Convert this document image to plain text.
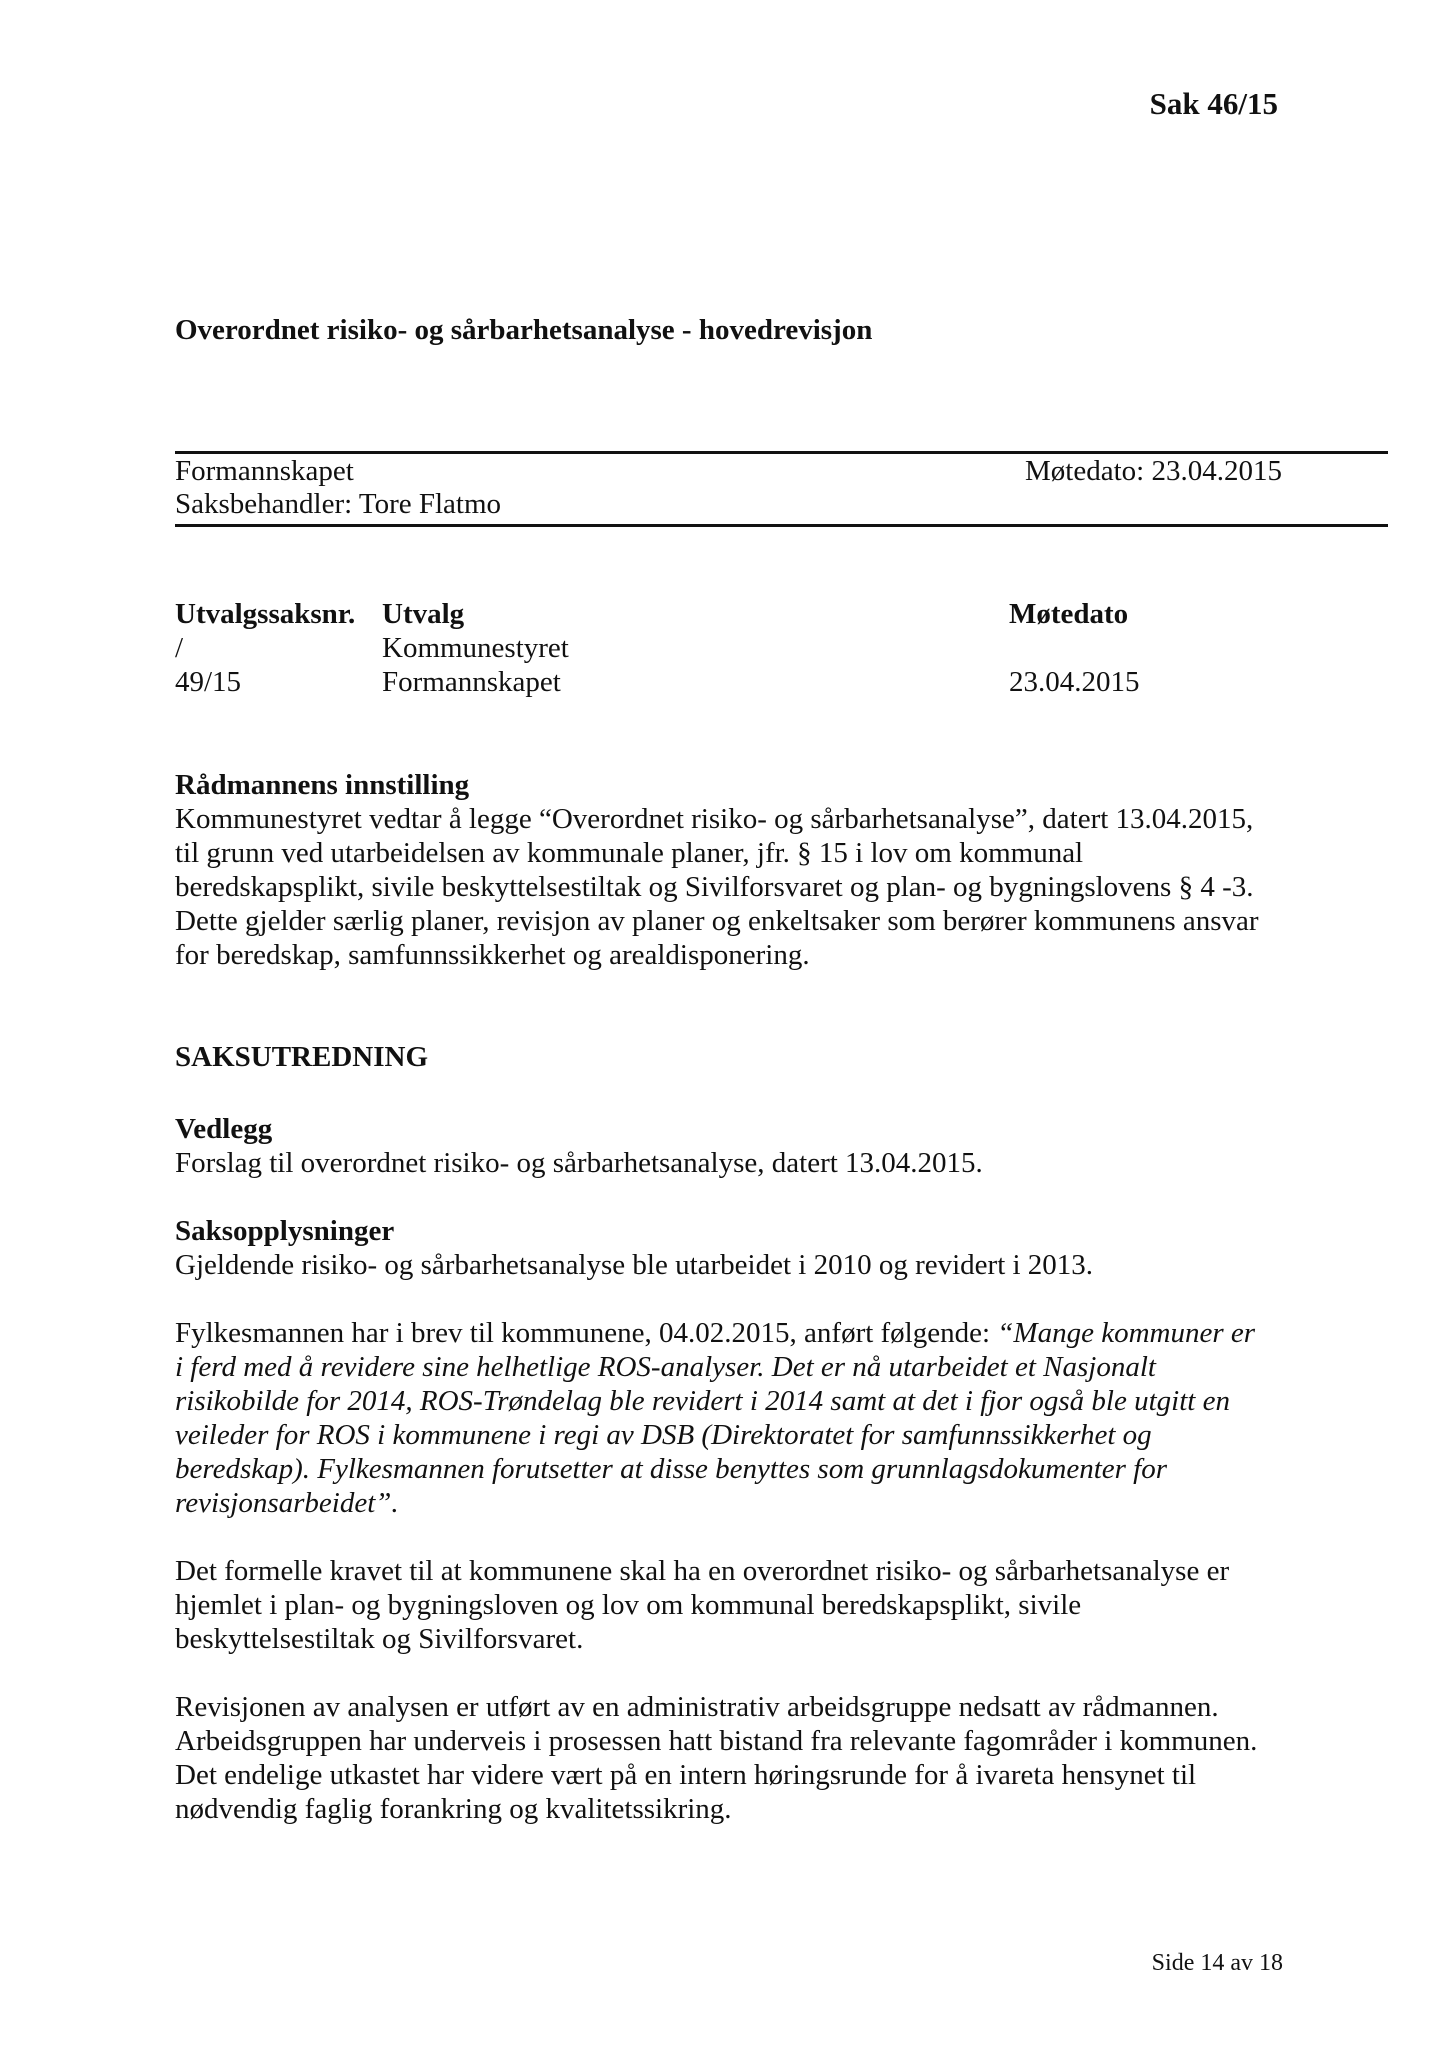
Sak 46/15
Overordnet risiko- og sårbarhetsanalyse - hovedrevisjon
Formannskapet
Saksbehandler: Tore Flatmo
Møtedato: 23.04.2015
Utvalgssaksnr. Utvalg	Møtedato
/	Kommunestyret
49/15	Formannskapet	23.04.2015
Rådmannens innstilling
Kommunestyret vedtar å legge “Overordnet risiko- og sårbarhetsanalyse”, datert 13.04.2015,
til grunn ved utarbeidelsen av kommunale planer, jfr. § 15 i lov om kommunal
beredskapsplikt, sivile beskyttelsestiltak og Sivilforsvaret og plan- og bygningslovens § 4 -3.
Dette gjelder særlig planer, revisjon av planer og enkeltsaker som berører kommunens ansvar
for beredskap, samfunnssikkerhet og arealdisponering.
SAKSUTREDNING
Vedlegg

Forslag til overordnet risiko- og sårbarhetsanalyse, datert 13.04.2015.

Saksopplysninger

Gjeldende risiko- og sårbarhetsanalyse ble utarbeidet i 2010 og revidert i 2013.

Fylkesmannen har i brev til kommunene, 04.02.2015, anført følgende: “Mange kommuner er
i ferd med å revidere sine helhetlige ROS-analyser. Det er nå utarbeidet et Nasjonalt
risikobilde for 2014, ROS-Trøndelag ble revidert i 2014 samt at det i fjor også ble utgitt en
veileder for ROS i kommunene i regi av DSB (Direktoratet for samfunnssikkerhet og
beredskap). Fylkesmannen forutsetter at disse benyttes som grunnlagsdokumenter for
revisjonsarbeidet”.
Det formelle kravet til at kommunene skal ha en overordnet risiko- og sårbarhetsanalyse er
hjemlet i plan- og bygningsloven og lov om kommunal beredskapsplikt, sivile
beskyttelsestiltak og Sivilforsvaret.
Revisjonen av analysen er utført av en administrativ arbeidsgruppe nedsatt av rådmannen.
Arbeidsgruppen har underveis i prosessen hatt bistand fra relevante fagområder i kommunen.
Det endelige utkastet har videre vært på en intern høringsrunde for å ivareta hensynet til
nødvendig faglig forankring og kvalitetssikring.
Side 14 av 18
